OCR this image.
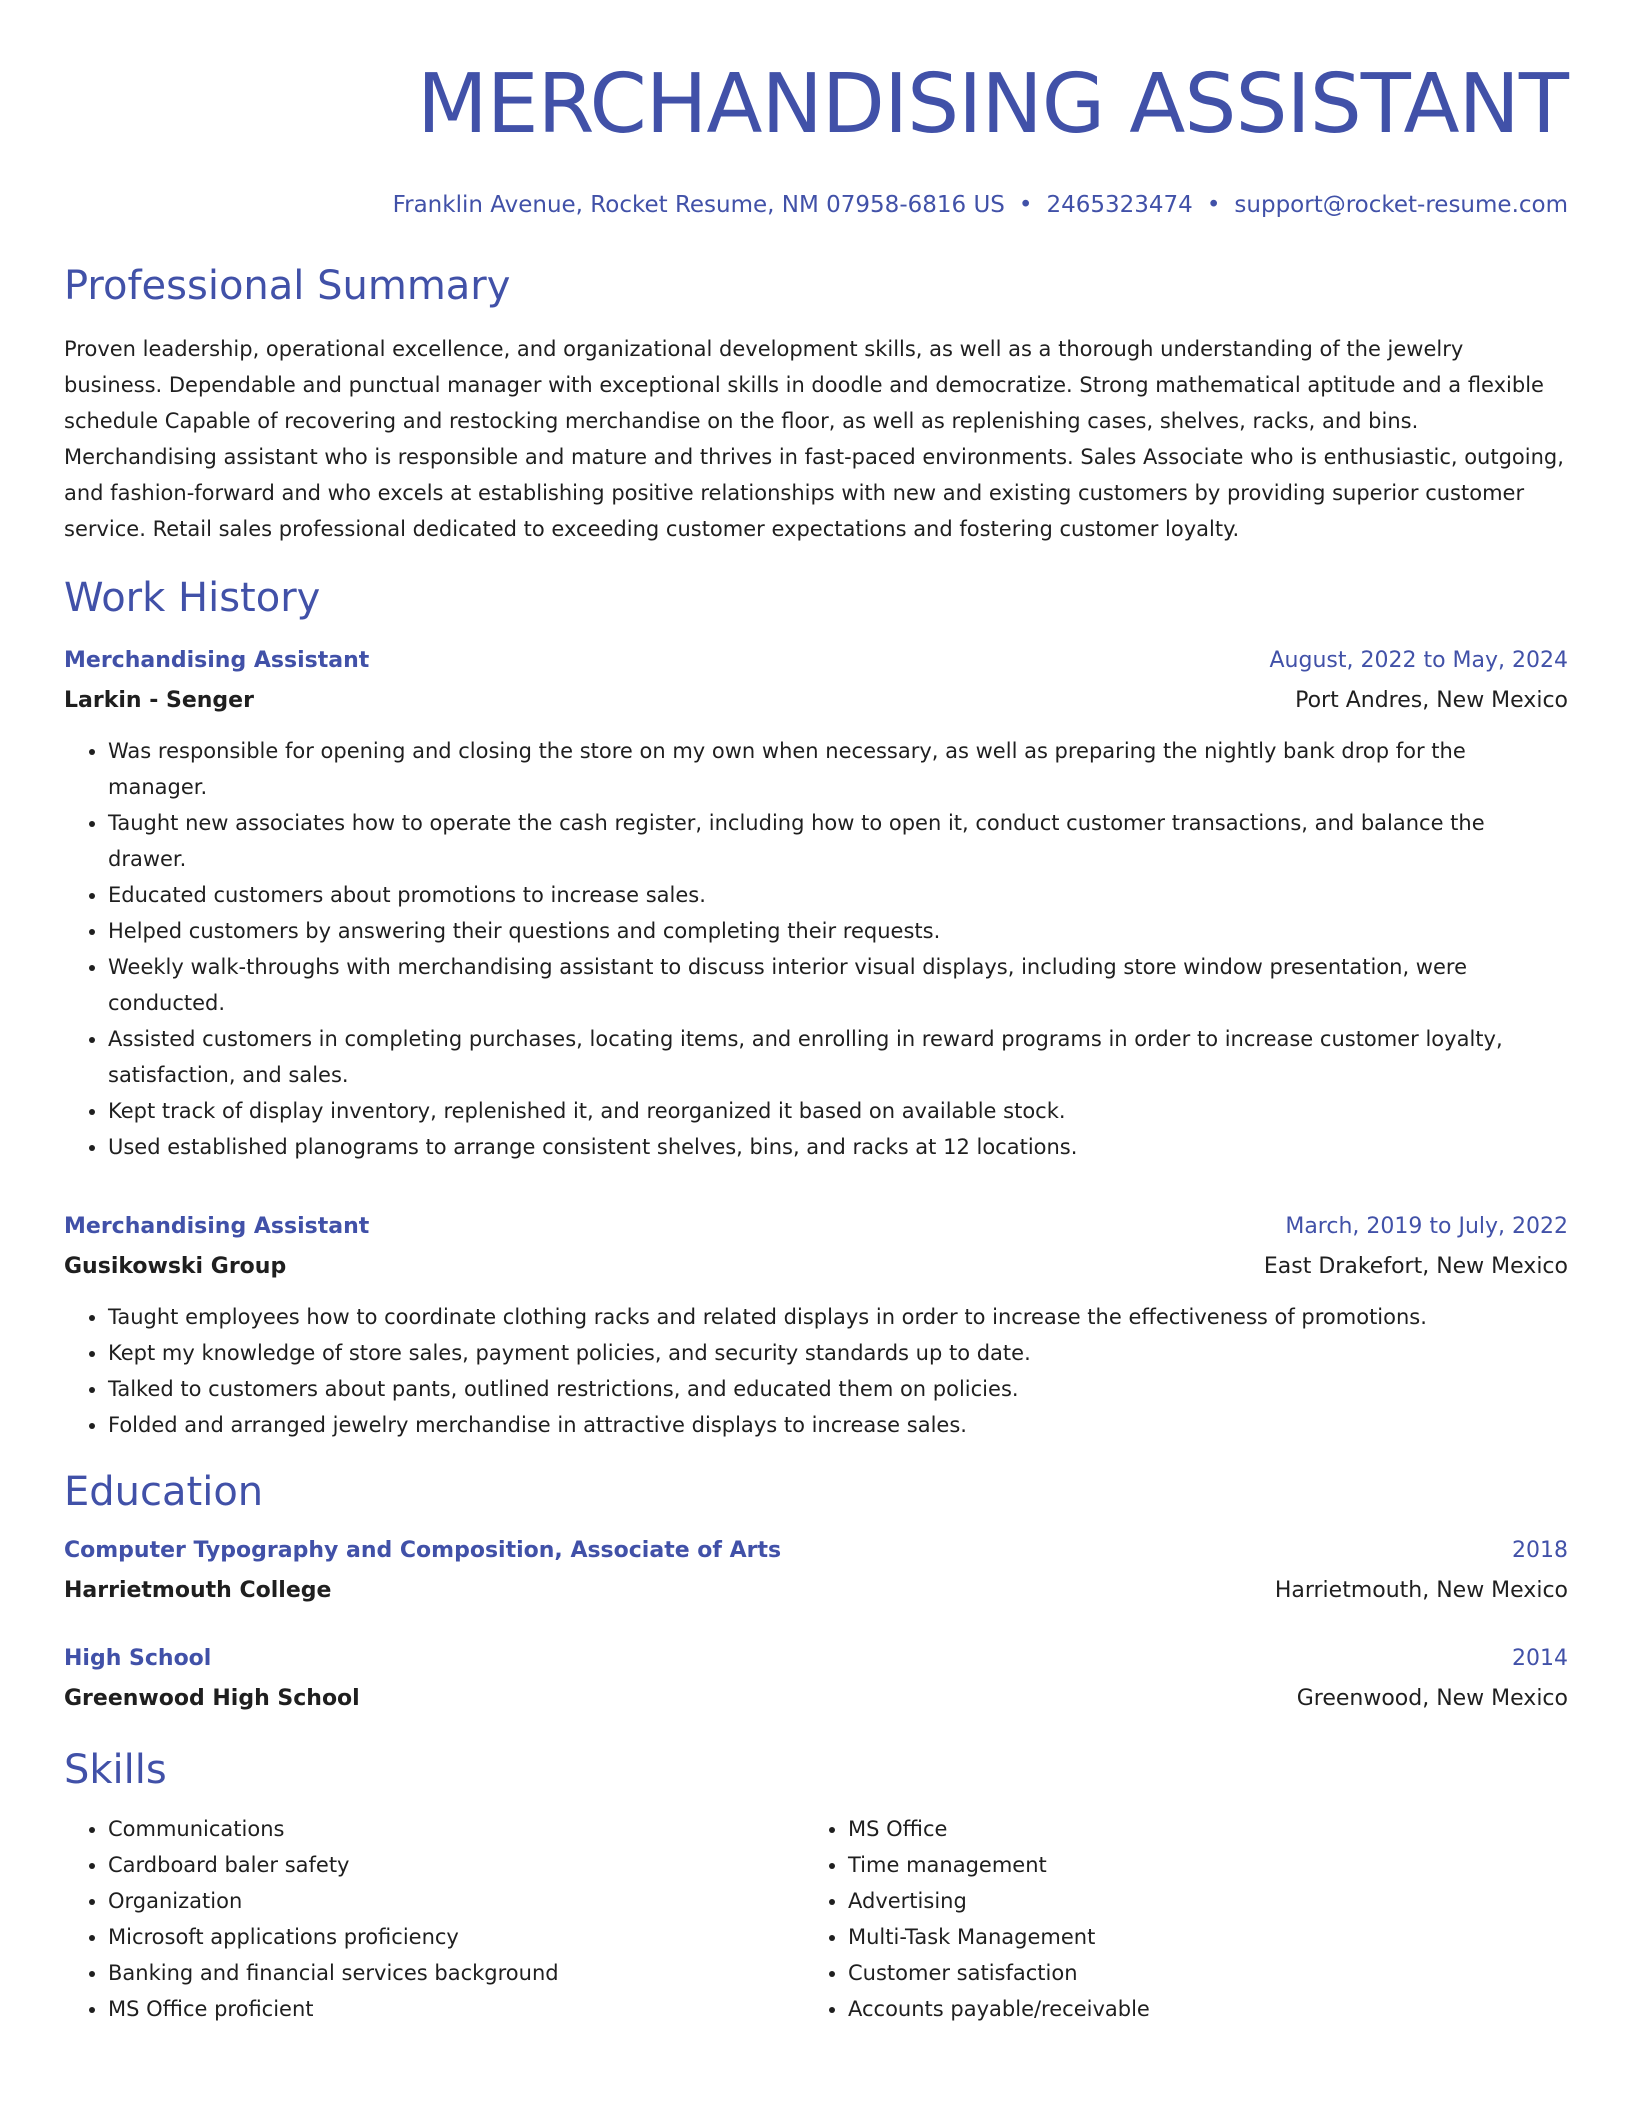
MERCHANDISING ASSISTANT
Franklin Avenue, Rocket Resume, NM 07958-6816 US • 2465323474 • support@rocket-resume.com
Professional Summary
Proven leadership, operational excellence, and organizational development skills, as well as a thorough understanding of the jewelry business. Dependable and punctual manager with exceptional skills in doodle and democratize. Strong mathematical aptitude and a flexible schedule Capable of recovering and restocking merchandise on the floor, as well as replenishing cases, shelves, racks, and bins. Merchandising assistant who is responsible and mature and thrives in fast-paced environments. Sales Associate who is enthusiastic, outgoing, and fashion-forward and who excels at establishing positive relationships with new and existing customers by providing superior customer service. Retail sales professional dedicated to exceeding customer expectations and fostering customer loyalty.
Work History
Merchandising Assistant	August, 2022 to May, 2024
Larkin - Senger	Port Andres, New Mexico
• Was responsible for opening and closing the store on my own when necessary, as well as preparing the nightly bank drop for the manager.
• Taught new associates how to operate the cash register, including how to open it, conduct customer transactions, and balance the drawer.
• Educated customers about promotions to increase sales.
• Helped customers by answering their questions and completing their requests.
• Weekly walk-throughs with merchandising assistant to discuss interior visual displays, including store window presentation, were conducted.
• Assisted customers in completing purchases, locating items, and enrolling in reward programs in order to increase customer loyalty, satisfaction, and sales.
• Kept track of display inventory, replenished it, and reorganized it based on available stock.
• Used established planograms to arrange consistent shelves, bins, and racks at 12 locations.
Merchandising Assistant	March, 2019 to July, 2022
Gusikowski Group	East Drakefort, New Mexico
• Taught employees how to coordinate clothing racks and related displays in order to increase the effectiveness of promotions.
• Kept my knowledge of store sales, payment policies, and security standards up to date.
• Talked to customers about pants, outlined restrictions, and educated them on policies.
• Folded and arranged jewelry merchandise in attractive displays to increase sales.
Education
Computer Typography and Composition, Associate of Arts	2018
Harrietmouth College	Harrietmouth, New Mexico
High School	2014
Greenwood High School	Greenwood, New Mexico
Skills
• Communications
• Cardboard baler safety
• Organization
• Microsoft applications proficiency
• Banking and financial services background
• MS Office proficient
• MS Office
• Time management
• Advertising
• Multi-Task Management
• Customer satisfaction
• Accounts payable/receivable
